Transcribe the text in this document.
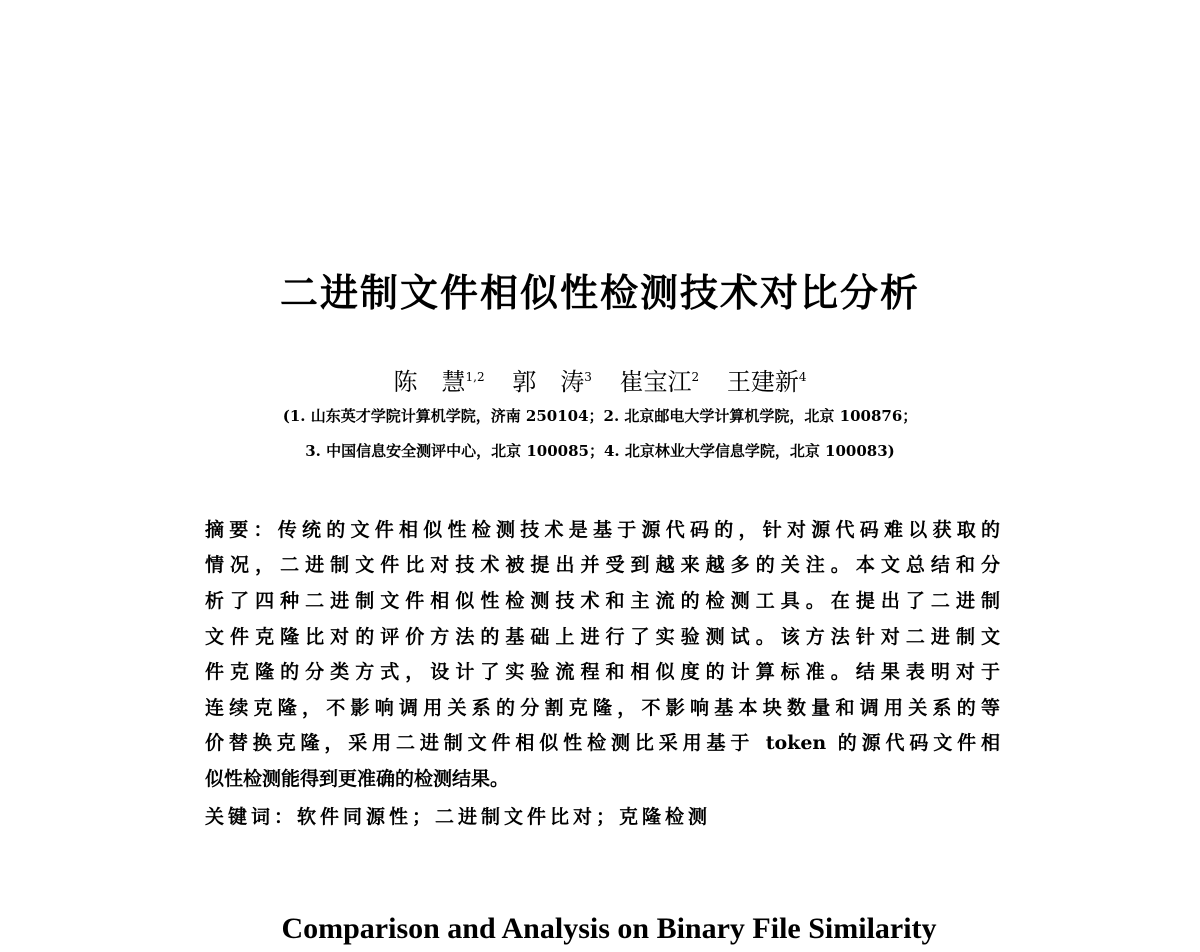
二进制文件相似性检测技术对比分析
陈　慧$^{1,2}$ 郭　涛$^3$ 崔宝江$^2$ 王建新$^4$
(1. 山东英才学院计算机学院，济南 250104；2. 北京邮电大学计算机学院，北京 100876；
3. 中国信息安全测评中心，北京 100085；4. 北京林业大学信息学院，北京 100083)
摘要：传统的文件相似性检测技术是基于源代码的，针对源代码难以获取的
情况，二进制文件比对技术被提出并受到越来越多的关注。本文总结和分
析了四种二进制文件相似性检测技术和主流的检测工具。在提出了二进制
文件克隆比对的评价方法的基础上进行了实验测试。该方法针对二进制文
件克隆的分类方式，设计了实验流程和相似度的计算标准。结果表明对于
连续克隆，不影响调用关系的分割克隆，不影响基本块数量和调用关系的等
价替换克隆，采用二进制文件相似性检测比采用基于 token 的源代码文件相
似性检测能得到更准确的检测结果。
关键词：软件同源性；二进制文件比对；克隆检测
Comparison and Analysis on Binary File Similarity
